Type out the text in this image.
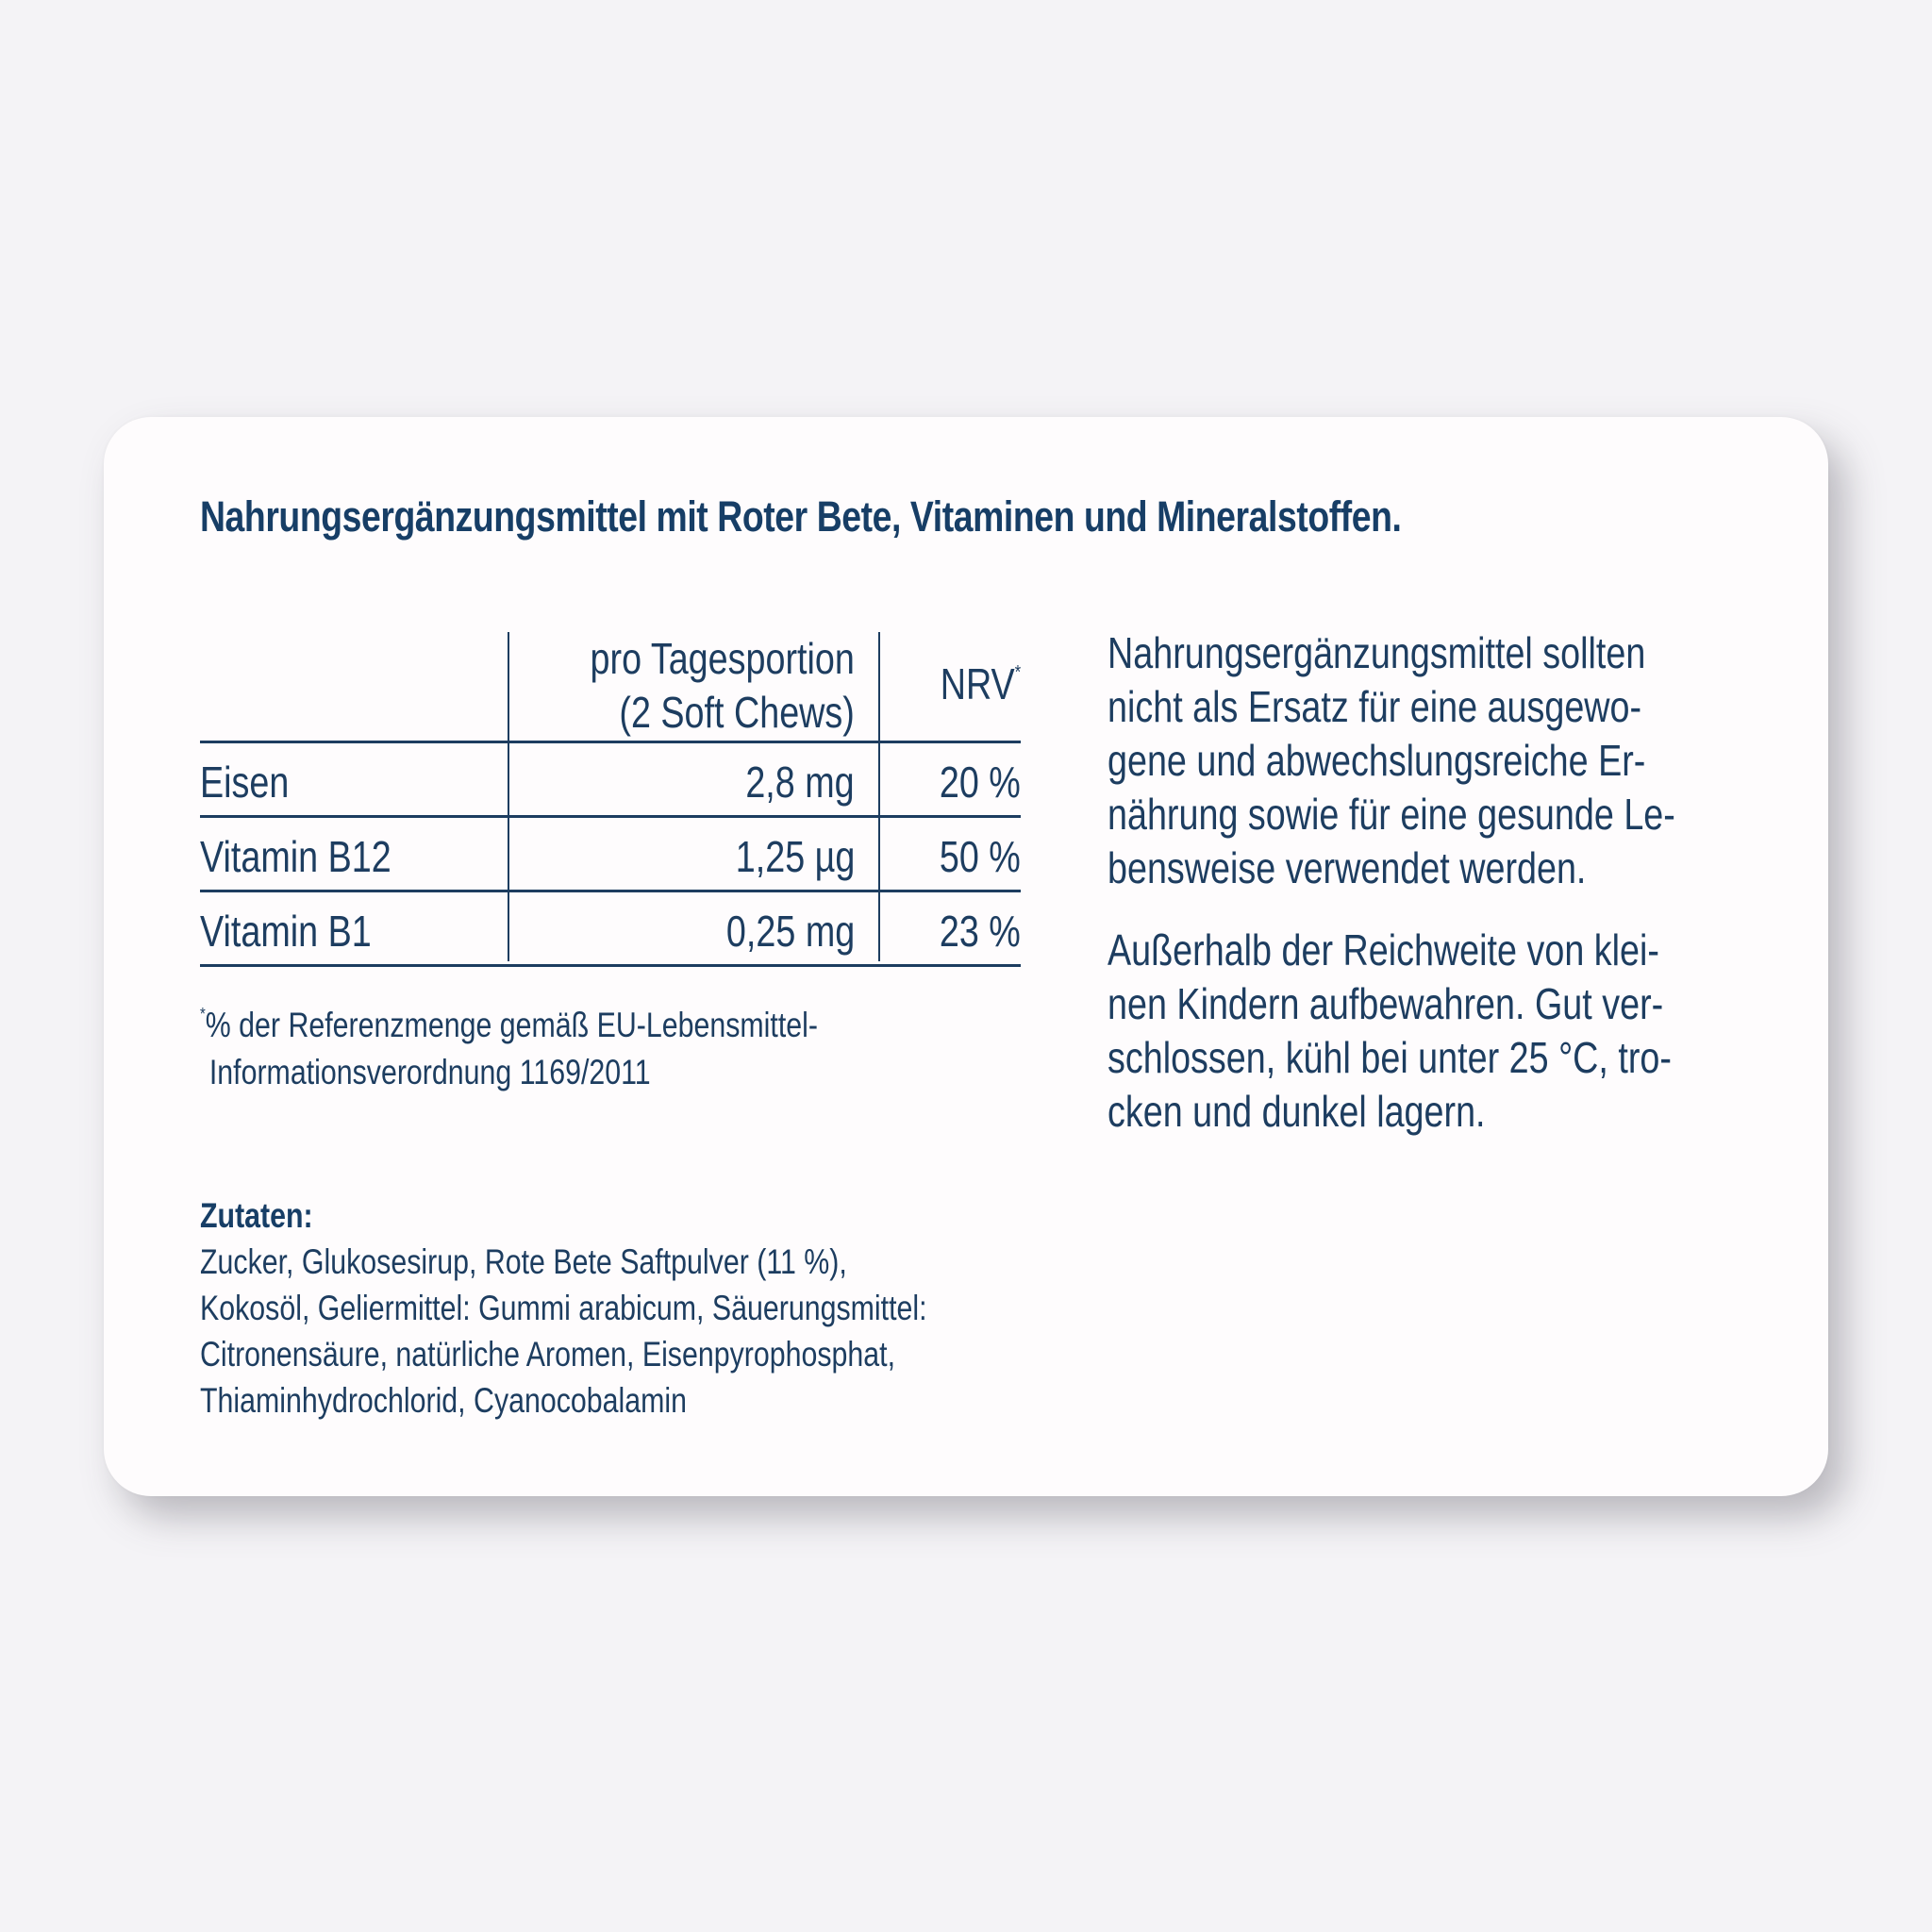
Nahrungsergänzungsmittel mit Roter Bete, Vitaminen und Mineralstoffen.
pro Tagesportion
(2 Soft Chews)
NRV*
Eisen	2,8 mg 20 %
Vitamin B12	1,25 µg 50 %
Vitamin B1	0,25 mg 23 %
*% der Referenzmenge gemäß EU-Lebensmittel-
Informationsverordnung 1169/2011
Zutaten:
Zucker, Glukosesirup, Rote Bete Saftpulver (11 %),
Kokosöl, Geliermittel: Gummi arabicum, Säuerungsmittel:
Citronensäure, natürliche Aromen, Eisenpyrophosphat,
Thiaminhydrochlorid, Cyanocobalamin

Nahrungsergänzungsmittel sollten
nicht als Ersatz für eine ausgewo-
gene und abwechslungsreiche Er-
nährung sowie für eine gesunde Le-
bensweise verwendet werden.

Außerhalb der Reichweite von klei-
nen Kindern aufbewahren. Gut ver-
schlossen, kühl bei unter 25 °C, tro-
cken und dunkel lagern.
